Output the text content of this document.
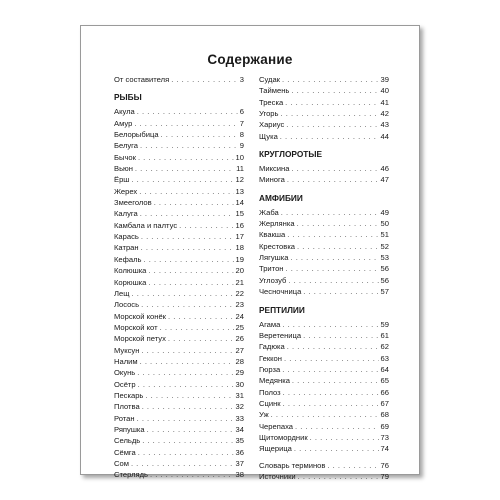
Содержание
От составителя . . .	3
РЫБЫ
Акула . . .	6
Амур . . .	7
Белорыбица . . .	8
Белуга . . .	9
Бычок . . .	10
Вьюн . . .	11
Ёрш . . .	12
Жерех . . .	13
Змееголов . . .	14
Калуга . . .	15
Камбала и палтус . . .	16
Карась . . .	17
Катран . . .	18
Кефаль . . .	19
Колюшка . . .	20
Корюшка . . .	21
Лещ . . .	22
Лосось . . .	23
Морской конёк . . .	24
Морской кот . . .	25
Морской петух . . .	26
Муксун . . .	27
Налим . . .	28
Окунь . . .	29
Осётр . . .	30
Пескарь . . .	31
Плотва . . .	32
Ротан . . .	33
Ряпушка . . .	34
Сельдь . . .	35
Сёмга . . .	36
Сом . . .	37
Стерлядь . . .	38
Судак . . .	39
Таймень . . .	40
Треска . . .	41
Угорь . . .	42
Хариус . . .	43
Щука . . .	44
КРУГЛОРОТЫЕ
Миксина . . .	46
Минога . . .	47
АМФИБИИ
Жаба . . .	49
Жерлянка . . .	50
Квакша . . .	51
Крестовка . . .	52
Лягушка . . .	53
Тритон . . .	56
Углозуб . . .	56
Чесночница . . .	57
РЕПТИЛИИ
Агама . . .	59
Веретеница . . .	61
Гадюка . . .	62
Геккон . . .	63
Гюрза . . .	64
Медянка . . .	65
Полоз . . .	66
Сцинк . . .	67
Уж . . .	68
Черепаха . . .	69
Щитомордник . . .	73
Ящерица . . .	74
Словарь терминов . . .	76
Источники . . .	79
